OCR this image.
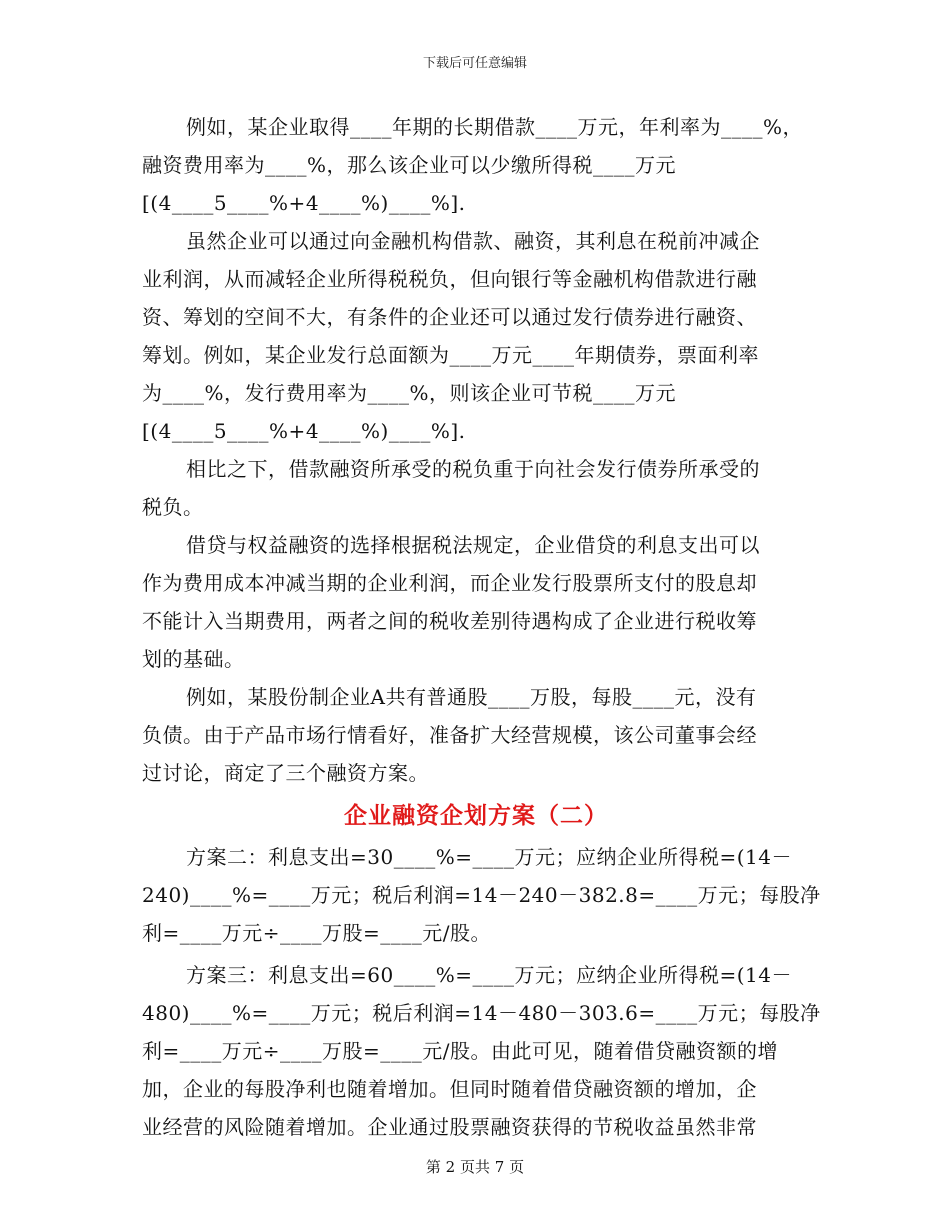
下载后可任意编辑
例如，某企业取得____年期的长期借款____万元，年利率为____%，
融资费用率为____%，那么该企业可以少缴所得税____万元
[(4____5____%+4____%)____%].
虽然企业可以通过向金融机构借款、融资，其利息在税前冲减企
业利润，从而减轻企业所得税税负，但向银行等金融机构借款进行融
资、筹划的空间不大，有条件的企业还可以通过发行债券进行融资、
筹划。例如，某企业发行总面额为____万元____年期债券，票面利率
为____%，发行费用率为____%，则该企业可节税____万元
[(4____5____%+4____%)____%].
相比之下，借款融资所承受的税负重于向社会发行债券所承受的
税负。
借贷与权益融资的选择根据税法规定，企业借贷的利息支出可以
作为费用成本冲减当期的企业利润，而企业发行股票所支付的股息却
不能计入当期费用，两者之间的税收差别待遇构成了企业进行税收筹
划的基础。
例如，某股份制企业A共有普通股____万股，每股____元，没有
负债。由于产品市场行情看好，准备扩大经营规模，该公司董事会经
过讨论，商定了三个融资方案。
企业融资企划方案（二）
方案二：利息支出=30____%=____万元；应纳企业所得税=(14－
240)____%=____万元；税后利润=14－240－382.8=____万元；每股净
利=____万元÷____万股=____元/股。
方案三：利息支出=60____%=____万元；应纳企业所得税=(14－
480)____%=____万元；税后利润=14－480－303.6=____万元；每股净
利=____万元÷____万股=____元/股。由此可见，随着借贷融资额的增
加，企业的每股净利也随着增加。但同时随着借贷融资额的增加，企
业经营的风险随着增加。企业通过股票融资获得的节税收益虽然非常
第 2 页共 7 页
